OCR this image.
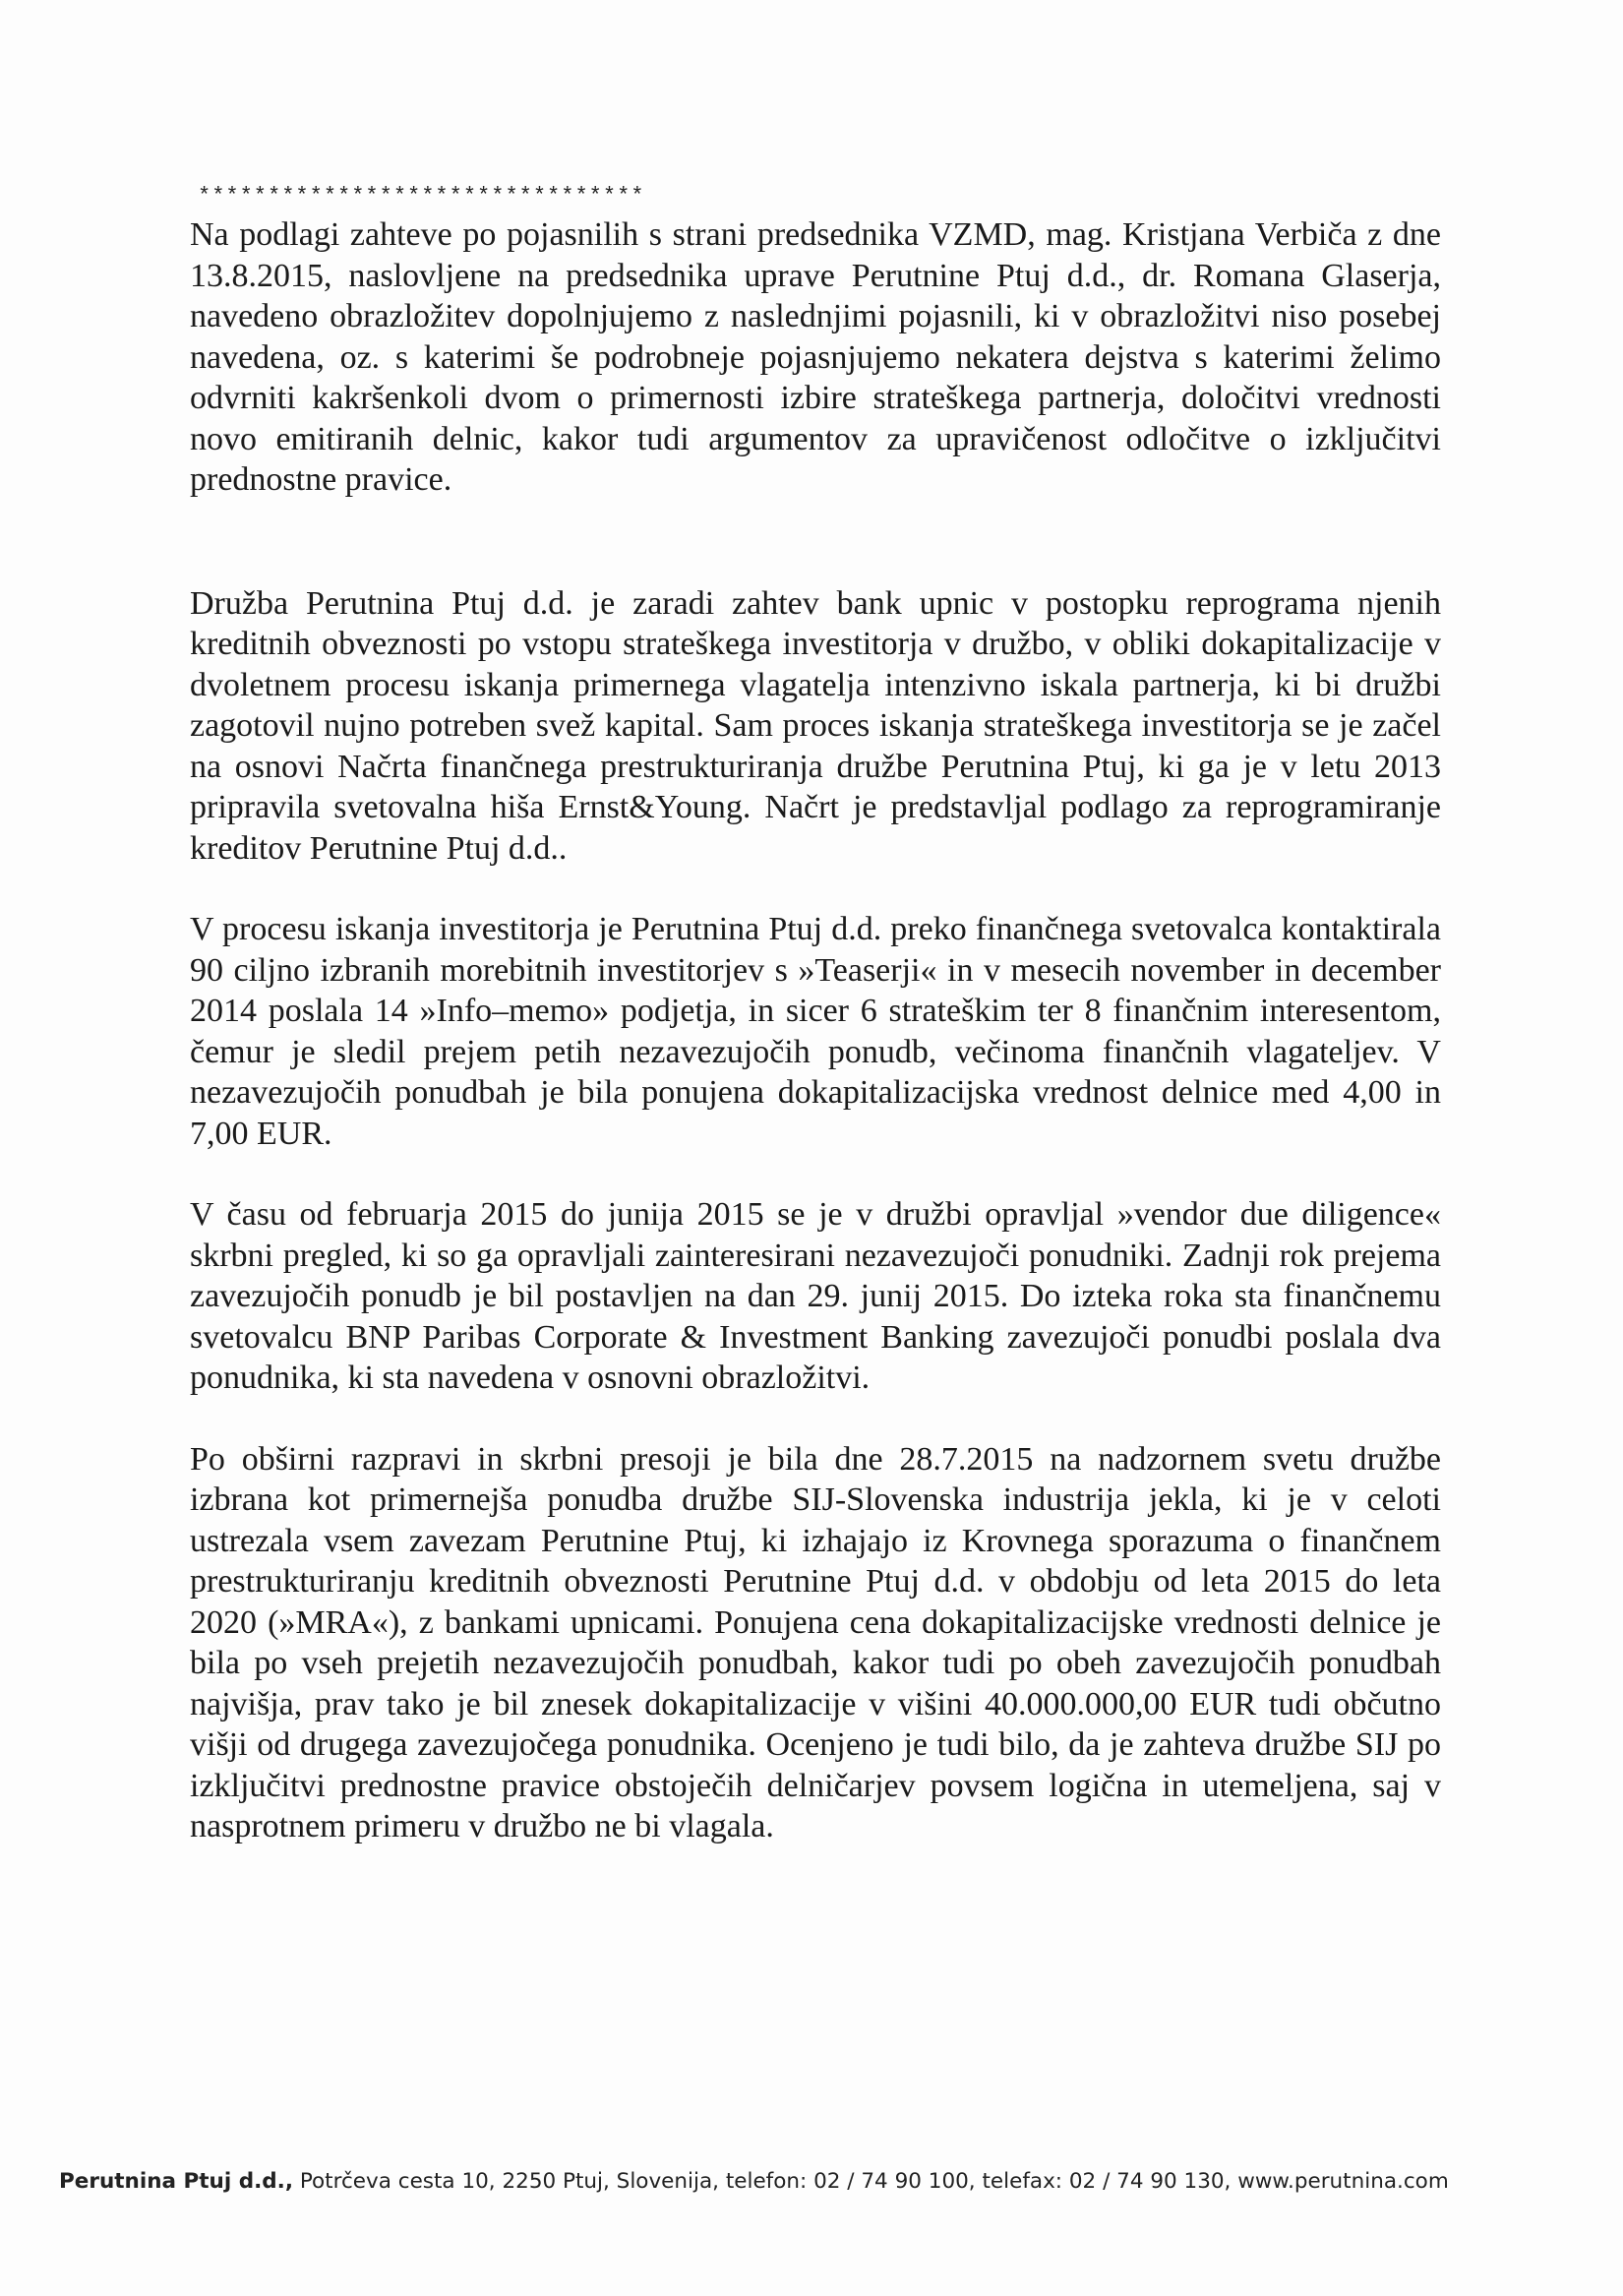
********************************

Na podlagi zahteve po pojasnilih s strani predsednika VZMD, mag. Kristjana Verbiča z dne 13.8.2015, naslovljene na predsednika uprave Perutnine Ptuj d.d., dr. Romana Glaserja, navedeno obrazložitev dopolnjujemo z naslednjimi pojasnili, ki v obrazložitvi niso posebej navedena, oz. s katerimi še podrobneje pojasnjujemo nekatera dejstva s katerimi želimo odvrniti kakršenkoli dvom o primernosti izbire strateškega partnerja, določitvi vrednosti novo emitiranih delnic, kakor tudi argumentov za upravičenost odločitve o izključitvi prednostne pravice.

Družba Perutnina Ptuj d.d. je zaradi zahtev bank upnic v postopku reprograma njenih kreditnih obveznosti po vstopu strateškega investitorja v družbo, v obliki dokapitalizacije v dvoletnem procesu iskanja primernega vlagatelja intenzivno iskala partnerja, ki bi družbi zagotovil nujno potreben svež kapital. Sam proces iskanja strateškega investitorja se je začel na osnovi Načrta finančnega prestrukturiranja družbe Perutnina Ptuj, ki ga je v letu 2013 pripravila svetovalna hiša Ernst&Young. Načrt je predstavljal podlago za reprogramiranje kreditov Perutnine Ptuj d.d..

V procesu iskanja investitorja je Perutnina Ptuj d.d. preko finančnega svetovalca kontaktirala 90 ciljno izbranih morebitnih investitorjev s »Teaserji« in v mesecih november in december 2014 poslala 14 »Info–memo» podjetja, in sicer 6 strateškim ter 8 finančnim interesentom, čemur je sledil prejem petih nezavezujočih ponudb, večinoma finančnih vlagateljev. V nezavezujočih ponudbah je bila ponujena dokapitalizacijska vrednost delnice med 4,00 in 7,00 EUR.

V času od februarja 2015 do junija 2015 se je v družbi opravljal »vendor due diligence« skrbni pregled, ki so ga opravljali zainteresirani nezavezujoči ponudniki. Zadnji rok prejema zavezujočih ponudb je bil postavljen na dan 29. junij 2015. Do izteka roka sta finančnemu svetovalcu BNP Paribas Corporate & Investment Banking zavezujoči ponudbi poslala dva ponudnika, ki sta navedena v osnovni obrazložitvi.

Po obširni razpravi in skrbni presoji je bila dne 28.7.2015 na nadzornem svetu družbe izbrana kot primernejša ponudba družbe SIJ-Slovenska industrija jekla, ki je v celoti ustrezala vsem zavezam Perutnine Ptuj, ki izhajajo iz Krovnega sporazuma o finančnem prestrukturiranju kreditnih obveznosti Perutnine Ptuj d.d. v obdobju od leta 2015 do leta 2020 (»MRA«), z bankami upnicami. Ponujena cena dokapitalizacijske vrednosti delnice je bila po vseh prejetih nezavezujočih ponudbah, kakor tudi po obeh zavezujočih ponudbah najvišja, prav tako je bil znesek dokapitalizacije v višini 40.000.000,00 EUR tudi občutno višji od drugega zavezujočega ponudnika. Ocenjeno je tudi bilo, da je zahteva družbe SIJ po izključitvi prednostne pravice obstoječih delničarjev povsem logična in utemeljena, saj v nasprotnem primeru v družbo ne bi vlagala.

Perutnina Ptuj d.d., Potrčeva cesta 10, 2250 Ptuj, Slovenija, telefon: 02 / 74 90 100, telefax: 02 / 74 90 130, www.perutnina.com
